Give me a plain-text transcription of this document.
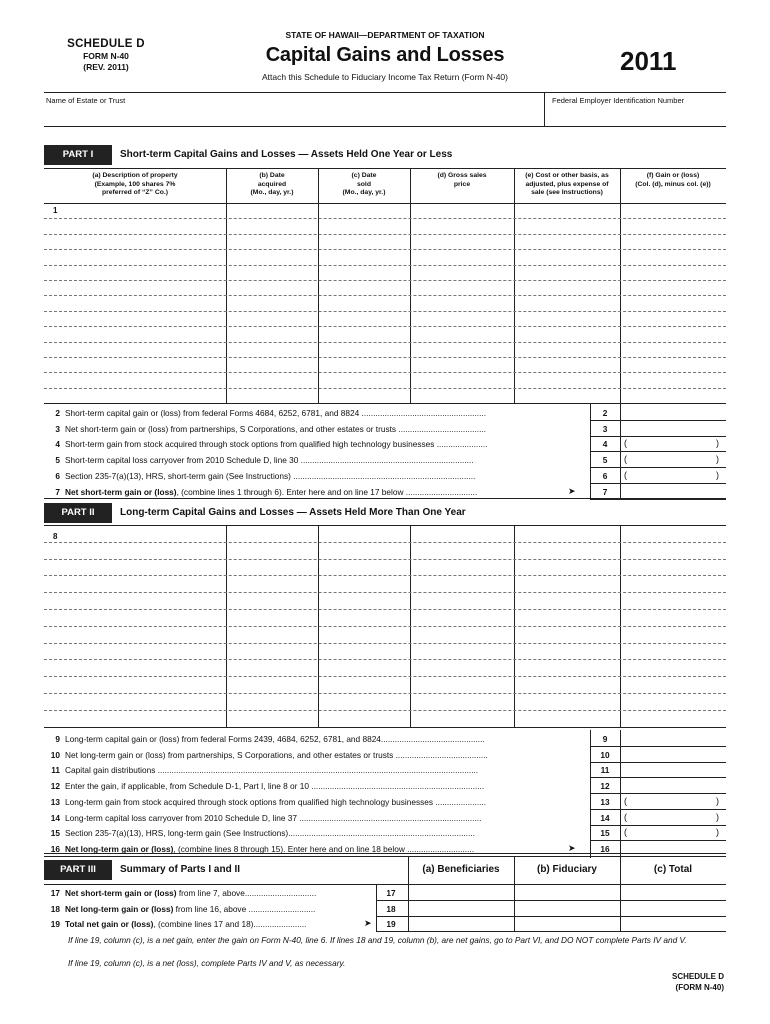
SCHEDULE D
FORM N-40
(REV. 2011)
STATE OF HAWAII—DEPARTMENT OF TAXATION
Capital Gains and Losses
Attach this Schedule to Fiduciary Income Tax Return (Form N-40)
2011
Name of Estate or Trust	Federal Employer Identification Number
PART I	Short-term Capital Gains and Losses — Assets Held One Year or Less
(a) Description of property
(Example, 100 shares 7%
preferred of “Z” Co.)
(b) Date
acquired
(Mo., day, yr.)
(c) Date
sold
(Mo., day, yr.)
(d) Gross sales
price
(e) Cost or other basis, as
adjusted, plus expense of
sale (see Instructions)
(f) Gain or (loss)
(Col. (d), minus col. (e))
1
2 Short-term capital gain or (loss) from federal Forms 4684, 6252, 6781, and 8824 ......................................................	2
3 Net short-term gain or (loss) from partnerships, S Corporations, and other estates or trusts ......................................	3
4 Short-term gain from stock acquired through stock options from qualified high technology businesses ......................	4	(	)
5 Short-term capital loss carryover from 2010 Schedule D, line 30 ...........................................................................	5	(	)
6 Section 235-7(a)(13), HRS, short-term gain (See Instructions) ...............................................................................	6	(	)
7 Net short-term gain or (loss), (combine lines 1 through 6). Enter here and on line 17 below ...............................	➤	7
PART II	Long-term Capital Gains and Losses — Assets Held More Than One Year
8
9 Long-term capital gain or (loss) from federal Forms 2439, 4684, 6252, 6781, and 8824.............................................	9
10 Net long-term gain or (loss) from partnerships, S Corporations, and other estates or trusts ........................................	10
11 Capital gain distributions ...........................................................................................................................................	11
12 Enter the gain, if applicable, from Schedule D-1, Part I, line 8 or 10 ...........................................................................	12
13 Long-term gain from stock acquired through stock options from qualified high technology businesses ......................	13	(	)
14 Long-term capital loss carryover from 2010 Schedule D, line 37 ...............................................................................	14	(	)
15 Section 235-7(a)(13), HRS, long-term gain (See Instructions).................................................................................	15	(	)
16 Net long-term gain or (loss), (combine lines 8 through 15). Enter here and on line 18 below .............................	➤	16
PART III	Summary of Parts I and II	(a) Beneficiaries	(b) Fiduciary	(c) Total
17 Net short-term gain or (loss) from line 7, above...............................	17
18 Net long-term gain or (loss) from line 16, above .............................	18
19 Total net gain or (loss), (combine lines 17 and 18).......................	➤	19
If line 19, column (c), is a net gain, enter the gain on Form N-40, line 6. If lines 18 and 19, column (b), are net gains, go to Part VI, and DO NOT complete Parts IV and V.
If line 19, column (c), is a net (loss), complete Parts IV and V, as necessary.
SCHEDULE D
(FORM N-40)
